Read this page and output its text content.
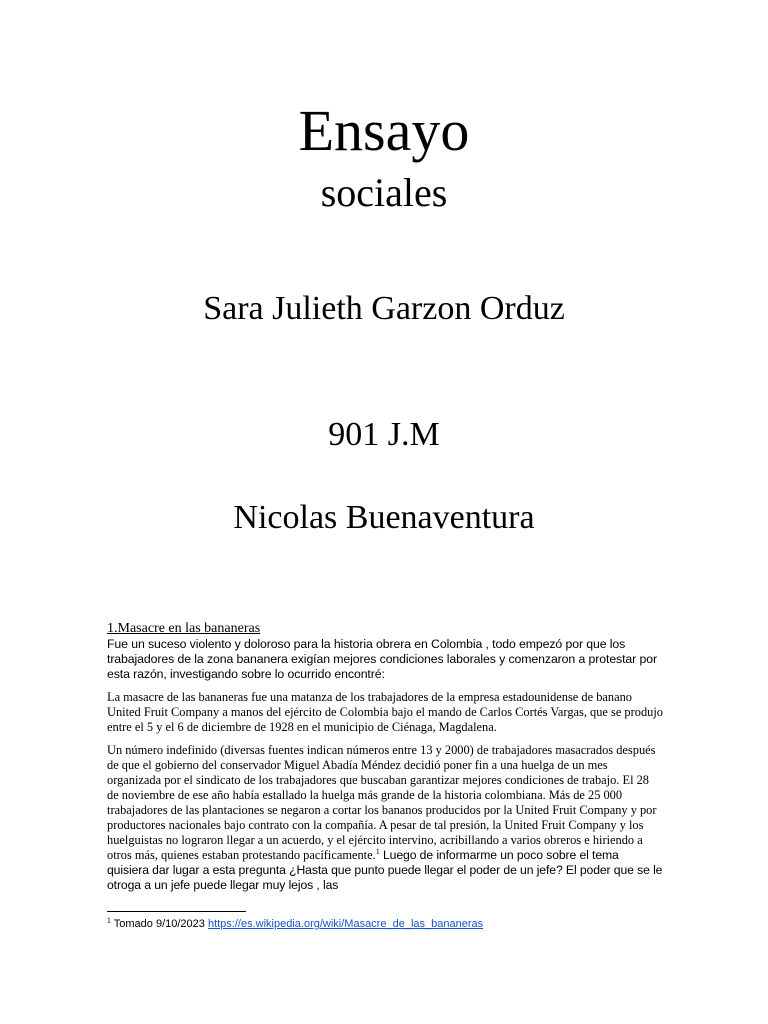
Ensayo
sociales
Sara Julieth Garzon Orduz
901 J.M
Nicolas Buenaventura

1.Masacre en las bananeras

Fue un suceso violento y doloroso para la historia obrera en Colombia , todo empezó por que los trabajadores de la zona bananera exigían mejores condiciones laborales y comenzaron a protestar por esta razón, investigando sobre lo ocurrido encontré:

La masacre de las bananeras fue una matanza de los trabajadores de la empresa estadounidense de banano United Fruit Company a manos del ejército de Colombia bajo el mando de Carlos Cortés Vargas, que se produjo entre el 5 y el 6 de diciembre de 1928 en el municipio de Ciénaga, Magdalena.

Un número indefinido (diversas fuentes indican números entre 13 y 2000) de trabajadores masacrados después de que el gobierno del conservador Miguel Abadía Méndez decidió poner fin a una huelga de un mes organizada por el sindicato de los trabajadores que buscaban garantizar mejores condiciones de trabajo. El 28 de noviembre de ese año había estallado la huelga más grande de la historia colombiana. Más de 25 000 trabajadores de las plantaciones se negaron a cortar los bananos producidos por la United Fruit Company y por productores nacionales bajo contrato con la compañía. A pesar de tal presión, la United Fruit Company y los huelguistas no lograron llegar a un acuerdo, y el ejército intervino, acribillando a varios obreros e hiriendo a otros más, quienes estaban protestando pacíficamente.$^1$ Luego de informarme un poco sobre el tema quisiera dar lugar a esta pregunta ¿Hasta que punto puede llegar el poder de un jefe? El poder que se le otroga a un jefe puede llegar muy lejos , las

$^1$ Tomado 9/10/2023 https://es.wikipedia.org/wiki/Masacre_de_las_bananeras
